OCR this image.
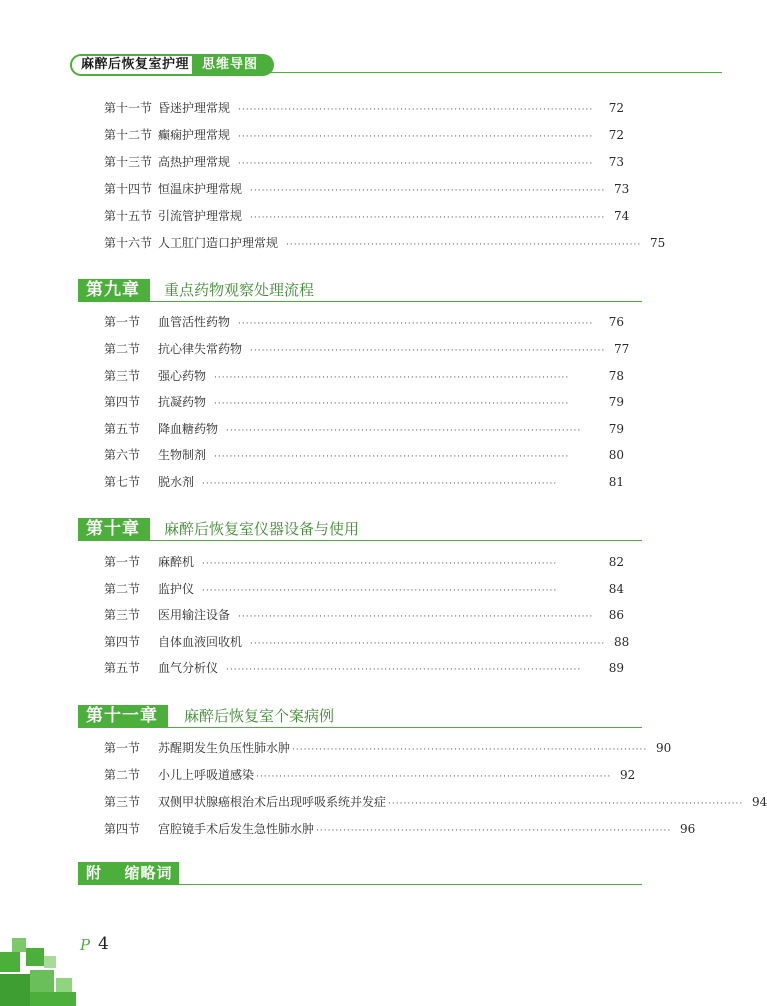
麻醉后恢复室护理 思维导图
第十一节 昏迷护理常规 ····························································································	72
第十二节 癫痫护理常规 ····························································································	72
第十三节 高热护理常规 ····························································································	73
第十四节 恒温床护理常规 ···························································································· 73
第十五节 引流管护理常规 ···························································································· 74
第十六节 人工肛门造口护理常规 ···························································································· 75
第九章	重点药物观察处理流程
第一节	血管活性药物 ····························································································	76
第二节	抗心律失常药物 ···························································································· 77
第三节	强心药物 ····························································································	78
第四节	抗凝药物 ····························································································	79
第五节	降血糖药物 ····························································································	79
第六节	生物制剂 ····························································································	80
第七节	脱水剂 ····························································································	81
第十章	麻醉后恢复室仪器设备与使用
第一节	麻醉机 ····························································································	82
第二节	监护仪 ····························································································	84
第三节	医用输注设备 ····························································································	86
第四节	自体血液回收机 ···························································································· 88
第五节	血气分析仪 ····························································································	89
第十一章	麻醉后恢复室个案病例
第一节	苏醒期发生负压性肺水肿 ···························································································· 90
第二节	小儿上呼吸道感染 ···························································································· 92
第三节	双侧甲状腺癌根治术后出现呼吸系统并发症 ···························································································· 94
第四节	宫腔镜手术后发生急性肺水肿 ···························································································· 96
附 缩略词
P 4
